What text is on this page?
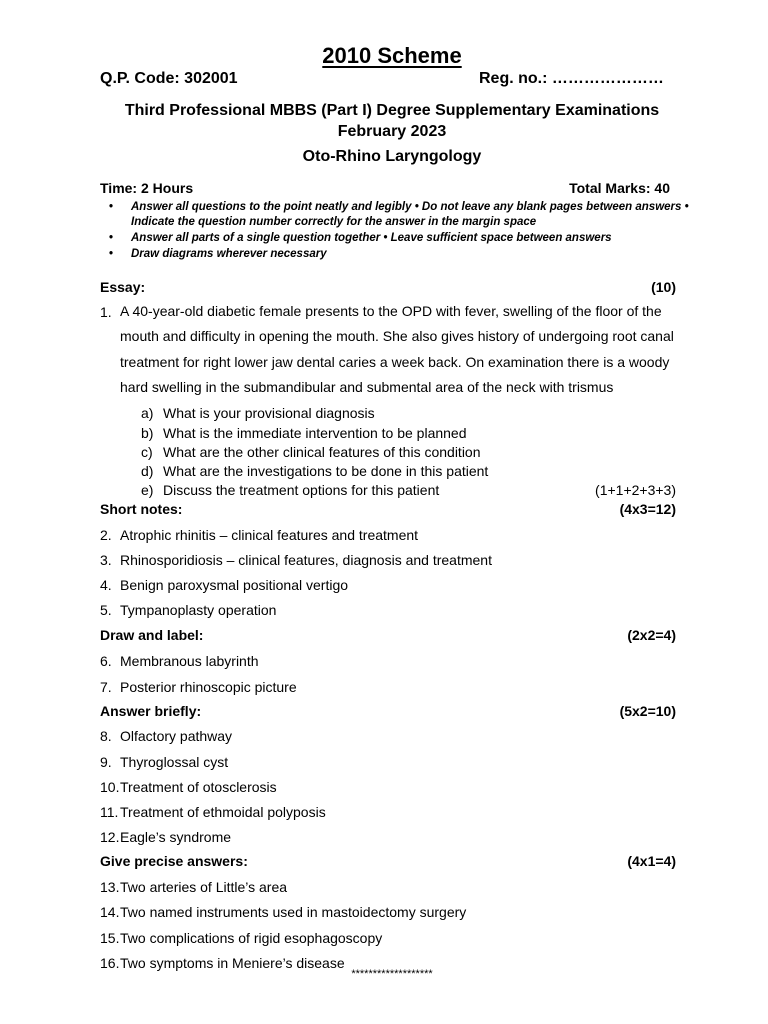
2010 Scheme
Q.P. Code: 302001	Reg. no.: …………………
Third Professional MBBS (Part I) Degree Supplementary Examinations
February 2023
Oto-Rhino Laryngology
Time: 2 Hours	Total Marks: 40
• Answer all questions to the point neatly and legibly • Do not leave any blank pages between answers • Indicate the question number correctly for the answer in the margin space
• Answer all parts of a single question together • Leave sufficient space between answers
• Draw diagrams wherever necessary
Essay:	(10)
1. A 40-year-old diabetic female presents to the OPD with fever, swelling of the floor of the mouth and difficulty in opening the mouth. She also gives history of undergoing root canal treatment for right lower jaw dental caries a week back. On examination there is a woody hard swelling in the submandibular and submental area of the neck with trismus
a) What is your provisional diagnosis
b) What is the immediate intervention to be planned
c) What are the other clinical features of this condition
d) What are the investigations to be done in this patient
e) Discuss the treatment options for this patient	(1+1+2+3+3)
Short notes:	(4x3=12)
2. Atrophic rhinitis – clinical features and treatment
3. Rhinosporidiosis – clinical features, diagnosis and treatment
4. Benign paroxysmal positional vertigo
5. Tympanoplasty operation
Draw and label:	(2x2=4)
6. Membranous labyrinth
7. Posterior rhinoscopic picture
Answer briefly:	(5x2=10)
8. Olfactory pathway
9. Thyroglossal cyst
10.Treatment of otosclerosis
11. Treatment of ethmoidal polyposis
12.Eagle’s syndrome
Give precise answers:	(4x1=4)
13.Two arteries of Little’s area
14.Two named instruments used in mastoidectomy surgery
15.Two complications of rigid esophagoscopy
16.Two symptoms in Meniere’s disease
*******************
